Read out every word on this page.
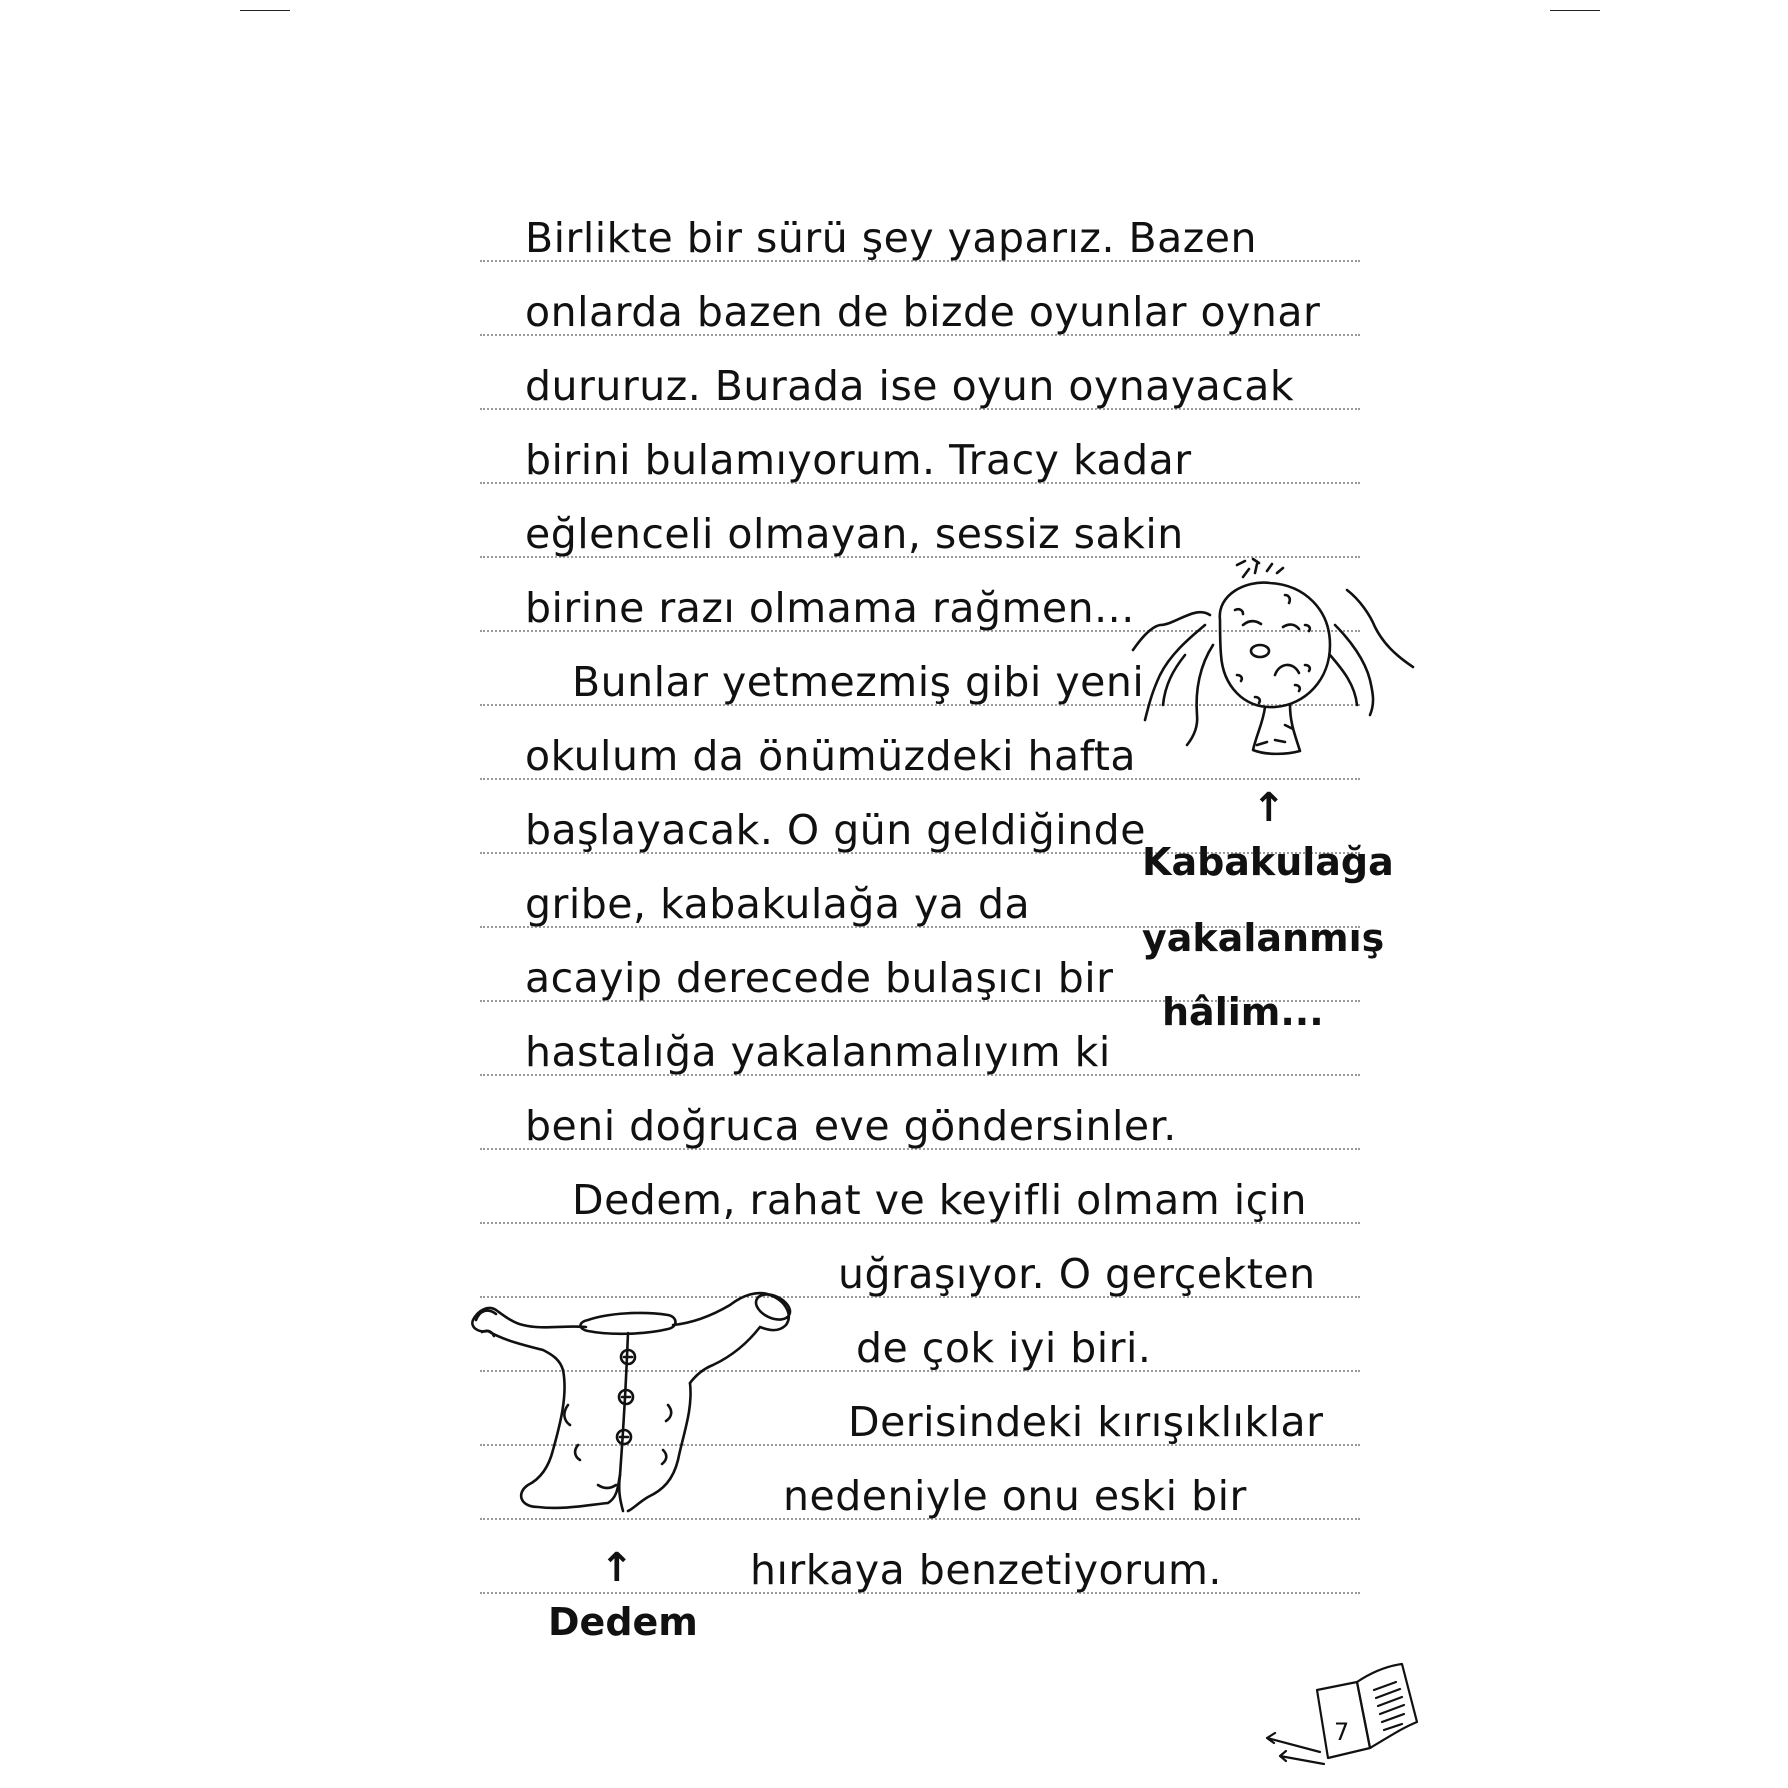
Birlikte bir sürü şey yaparız. Bazen
onlarda bazen de bizde oyunlar oynar
dururuz. Burada ise oyun oynayacak
birini bulamıyorum. Tracy kadar
eğlenceli olmayan, sessiz sakin
birine razı olmama rağmen...
Bunlar yetmezmiş gibi yeni
okulum da önümüzdeki hafta
başlayacak. O gün geldiğinde
gribe, kabakulağa ya da
acayip derecede bulaşıcı bir
hastalığa yakalanmalıyım ki
beni doğruca eve göndersinler.
Dedem, rahat ve keyifli olmam için
uğraşıyor. O gerçekten
de çok iyi biri.
Derisindeki kırışıklıklar
nedeniyle onu eski bir
hırkaya benzetiyorum.
↑
Kabakulağa
yakalanmış
hâlim...
↑
Dedem
7
